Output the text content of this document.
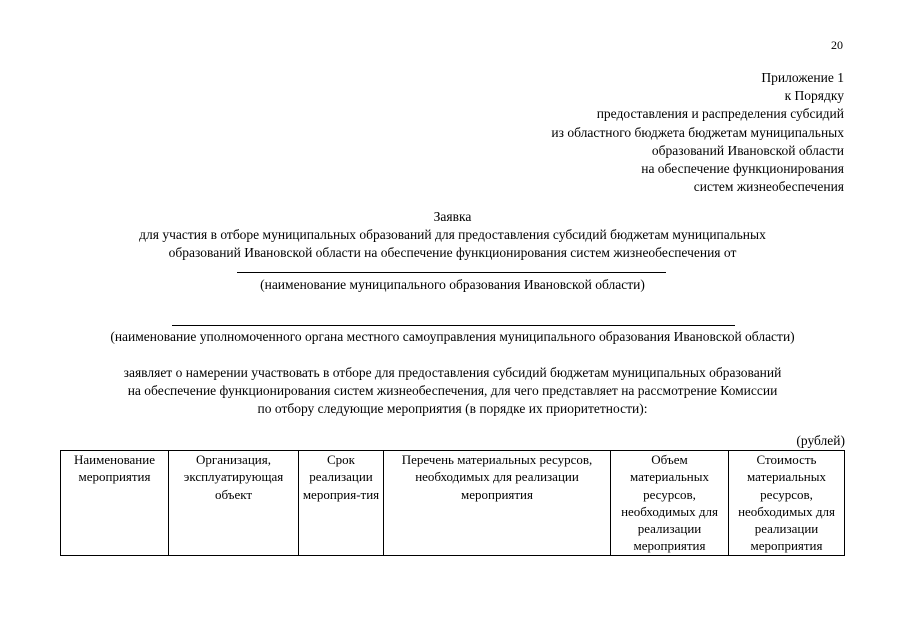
20
Приложение 1
к Порядку
предоставления и распределения субсидий
из областного бюджета бюджетам муниципальных
образований Ивановской области
на обеспечение функционирования
систем жизнеобеспечения
Заявка
для участия в отборе муниципальных образований для предоставления субсидий бюджетам муниципальных
образований Ивановской области на обеспечение функционирования систем жизнеобеспечения от
(наименование муниципального образования Ивановской области)
(наименование уполномоченного органа местного самоуправления муниципального образования Ивановской области)
заявляет о намерении участвовать в отборе для предоставления субсидий бюджетам муниципальных образований
на обеспечение функционирования систем жизнеобеспечения, для чего представляет на рассмотрение Комиссии
по отбору следующие мероприятия (в порядке их приоритетности):
(рублей)
Наименование мероприятия	Организация, эксплуатирующая объект	Срок реализации мероприя-тия	Перечень материальных ресурсов, необходимых для реализации мероприятия	Объем материальных ресурсов, необходимых для реализации мероприятия	Стоимость материальных ресурсов, необходимых для реализации мероприятия
